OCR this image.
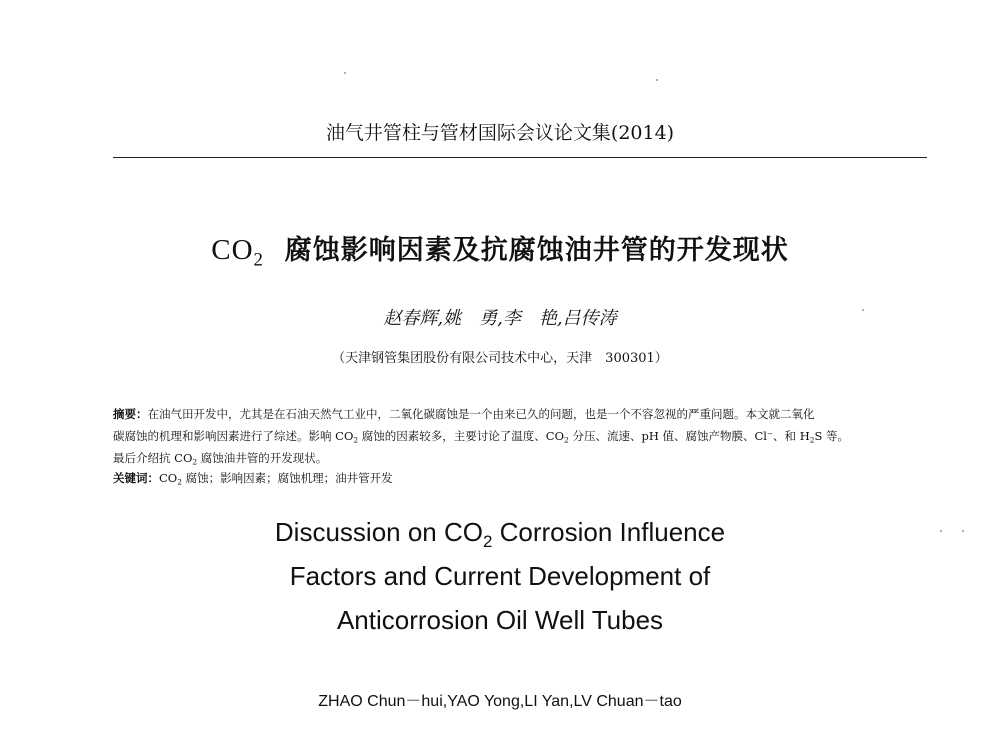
油气井管柱与管材国际会议论文集(2014)
$CO_2$ 腐蚀影响因素及抗腐蚀油井管的开发现状
赵春辉,姚　勇,李　艳,吕传涛
（天津钢管集团股份有限公司技术中心，天津　300301）
摘要：在油气田开发中，尤其是在石油天然气工业中，二氧化碳腐蚀是一个由来已久的问题，也是一个不容忽视的严重问题。本文就二氧化
碳腐蚀的机理和影响因素进行了综述。影响 $CO_2$ 腐蚀的因素较多，主要讨论了温度、$CO_2$ 分压、流速、pH 值、腐蚀产物膜、Cl⁻、和 $H_2S$ 等。
最后介绍抗 $CO_2$ 腐蚀油井管的开发现状。
关键词：$CO_2$ 腐蚀；影响因素；腐蚀机理；油井管开发
Discussion on $CO_2$ Corrosion Influence
Factors and Current Development of
Anticorrosion Oil Well Tubes
ZHAO Chun－hui,YAO Yong,LI Yan,LV Chuan－tao
